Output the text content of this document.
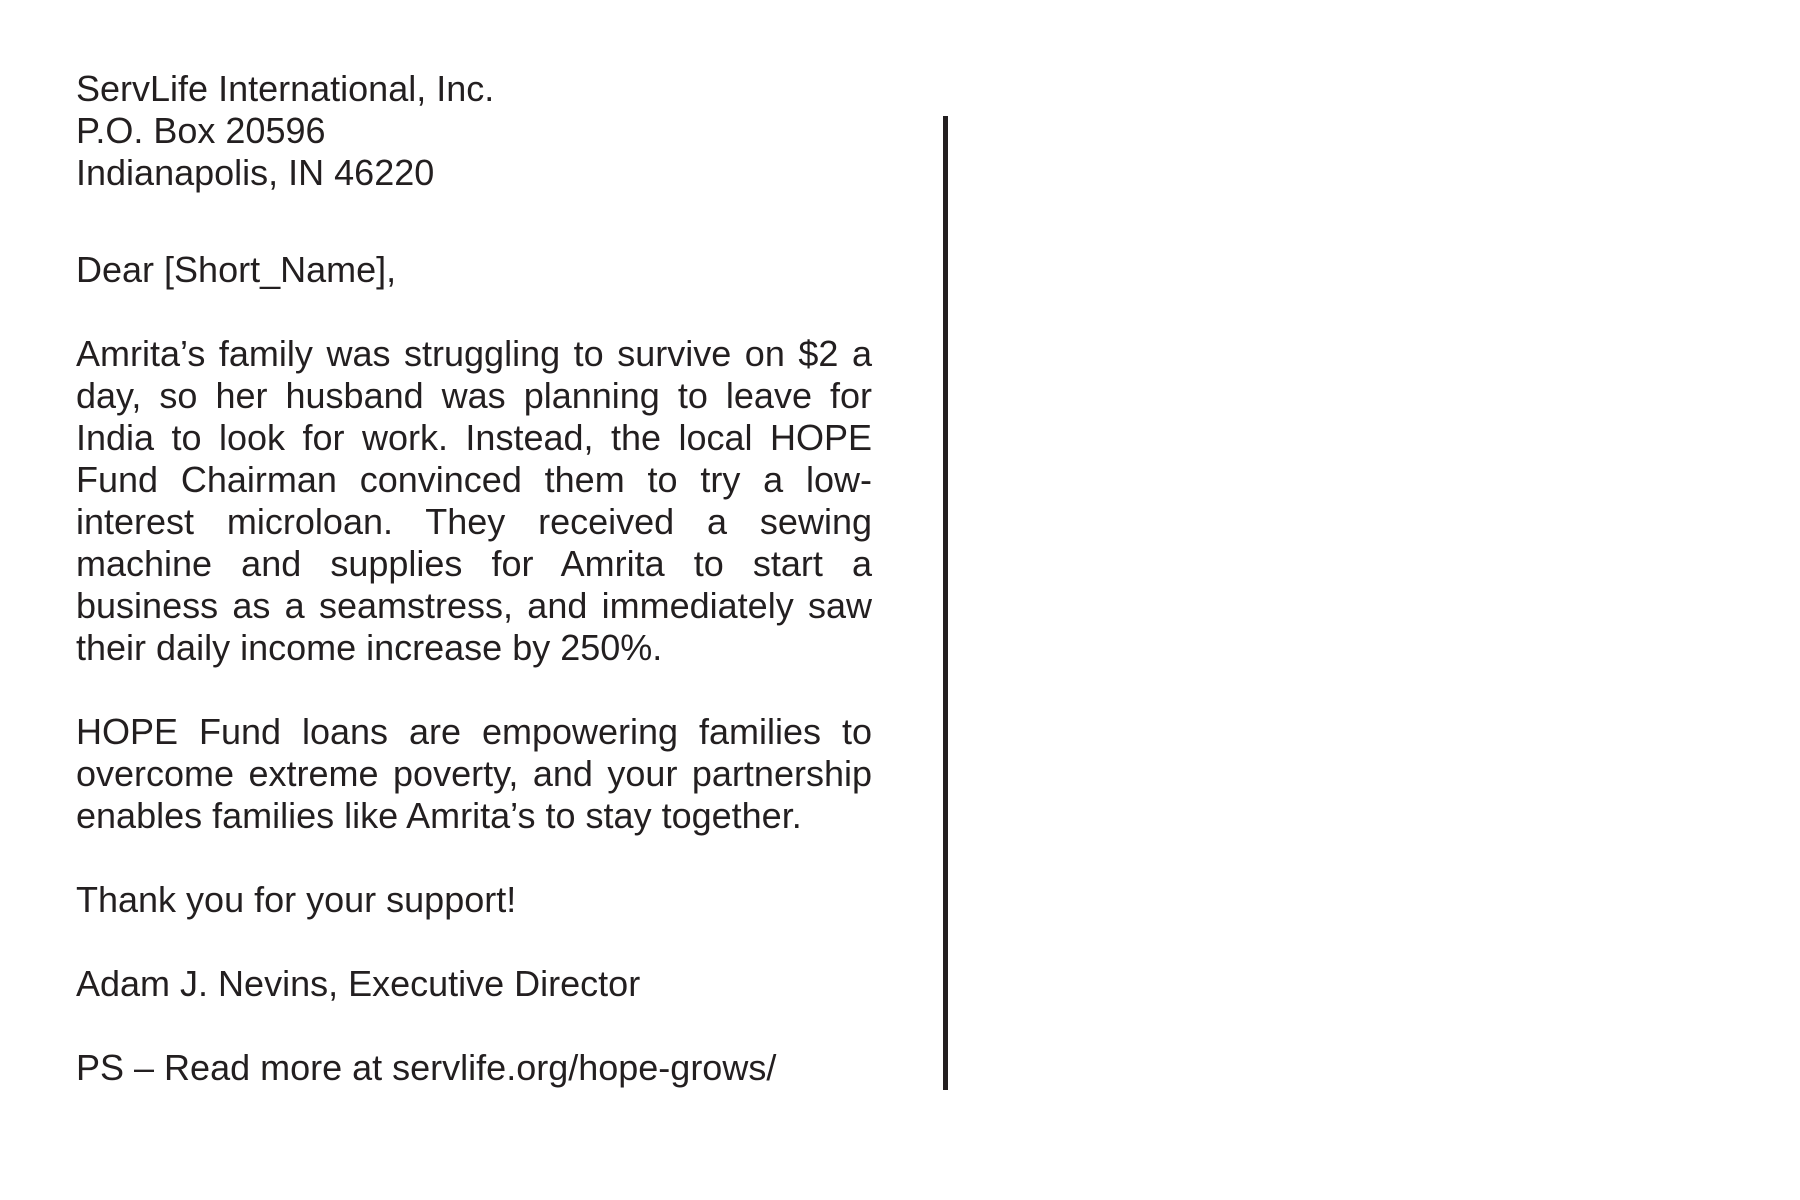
ServLife International, Inc.

P.O. Box 20596

Indianapolis, IN 46220

Dear [Short_Name],

Amrita’s family was struggling to survive on $2 a day, so her husband was planning to leave for India to look for work. Instead, the local HOPE Fund Chairman convinced them to try a low-interest microloan. They received a sewing machine and supplies for Amrita to start a business as a seamstress, and immediately saw their daily income increase by 250%.

HOPE Fund loans are empowering families to overcome extreme poverty, and your partnership enables families like Amrita’s to stay together.

Thank you for your support!

Adam J. Nevins, Executive Director

PS – Read more at servlife.org/hope-grows/
